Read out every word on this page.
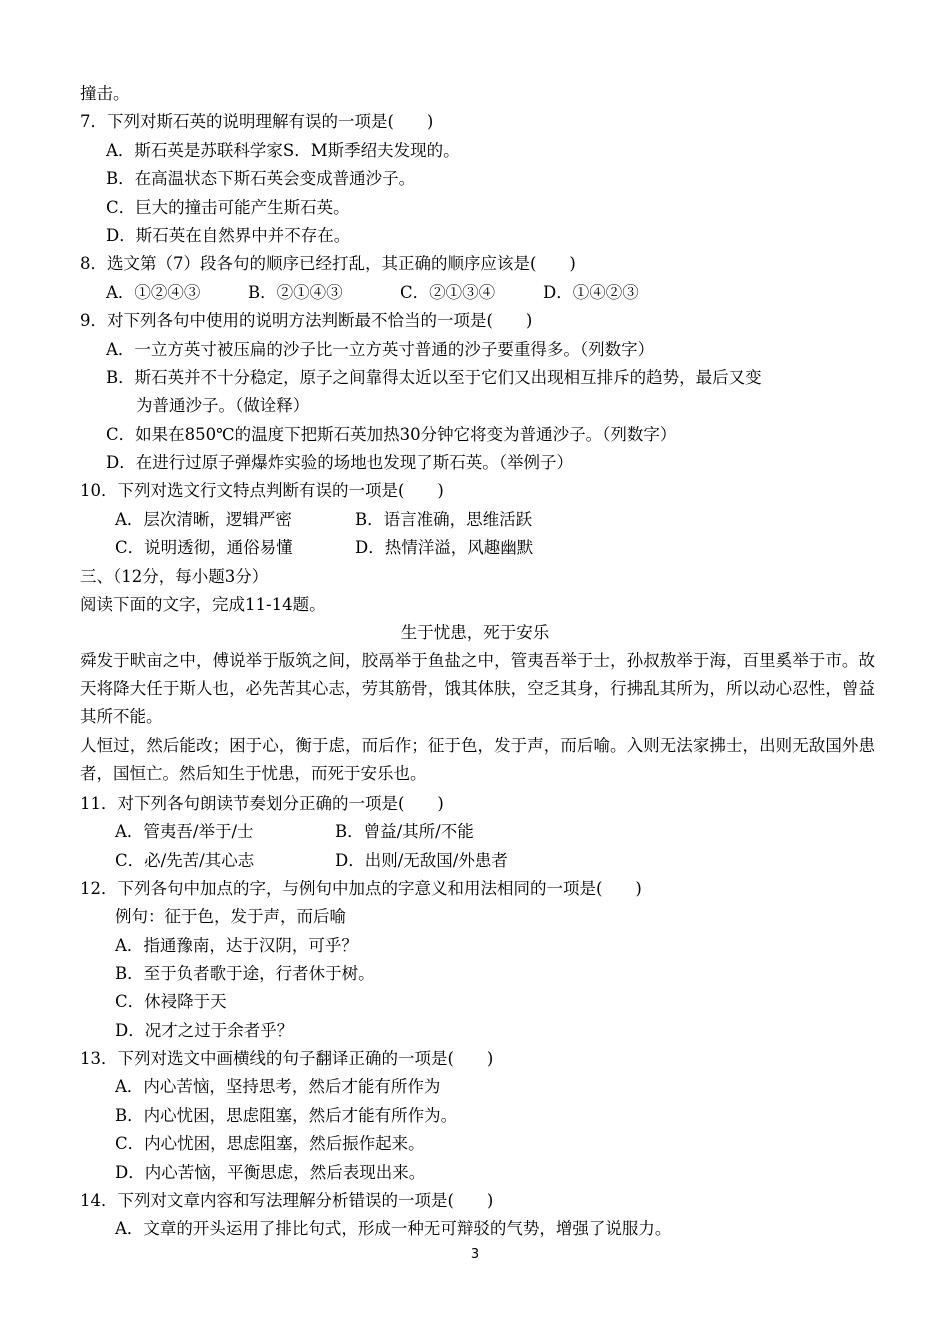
撞击。
7．下列对斯石英的说明理解有误的一项是(　　)
A．斯石英是苏联科学家S．M斯季绍夫发现的。
B．在高温状态下斯石英会变成普通沙子。
C．巨大的撞击可能产生斯石英。
D．斯石英在自然界中并不存在。
8．选文第（7）段各句的顺序已经打乱，其正确的顺序应该是(　　)
A．①②④③	B．②①④③	C．②①③④	D．①④②③
9．对下列各句中使用的说明方法判断最不恰当的一项是(　　)
A．一立方英寸被压扁的沙子比一立方英寸普通的沙子要重得多。（列数字）
B．斯石英并不十分稳定，原子之间靠得太近以至于它们又出现相互排斥的趋势，最后又变
为普通沙子。（做诠释）
C．如果在850℃的温度下把斯石英加热30分钟它将变为普通沙子。（列数字）
D．在进行过原子弹爆炸实验的场地也发现了斯石英。（举例子）
10．下列对选文行文特点判断有误的一项是(　　)
A．层次清晰，逻辑严密	B．语言准确，思维活跃
C．说明透彻，通俗易懂	D．热情洋溢，风趣幽默
三、（12分，每小题3分）
阅读下面的文字，完成11-14题。
生于忧患，死于安乐
舜发于畎亩之中，傅说举于版筑之间，胶鬲举于鱼盐之中，管夷吾举于士，孙叔敖举于海，百里奚举于市。故天将降大任于斯人也，必先苦其心志，劳其筋骨，饿其体肤，空乏其身，行拂乱其所为，所以动心忍性，曾益其所不能。
人恒过，然后能改；困于心，衡于虑，而后作；征于色，发于声，而后喻。入则无法家拂士，出则无敌国外患者，国恒亡。然后知生于忧患，而死于安乐也。
11．对下列各句朗读节奏划分正确的一项是(　　)
A．管夷吾/举于/士	B．曾益/其所/不能
C．必/先苦/其心志	D．出则/无敌国/外患者
12．下列各句中加点的字，与例句中加点的字意义和用法相同的一项是(　　)
例句：征于色，发于声，而后喻
A．指通豫南，达于汉阴，可乎？
B．至于负者歌于途，行者休于树。
C．休祲降于天
D．况才之过于余者乎？
13．下列对选文中画横线的句子翻译正确的一项是(　　)
A．内心苦恼，坚持思考，然后才能有所作为
B．内心忧困，思虑阻塞，然后才能有所作为。
C．内心忧困，思虑阻塞，然后振作起来。
D．内心苦恼，平衡思虑，然后表现出来。
14．下列对文章内容和写法理解分析错误的一项是(　　)
A．文章的开头运用了排比句式，形成一种无可辩驳的气势，增强了说服力。
3
